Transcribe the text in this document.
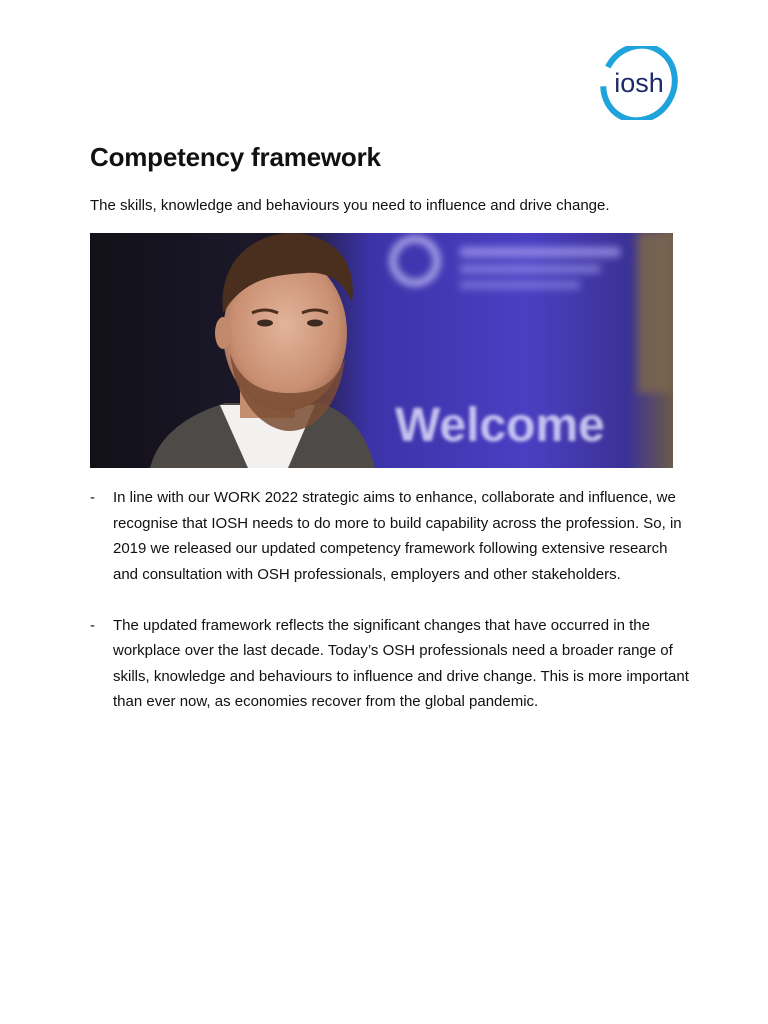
iosh
Competency framework

The skills, knowledge and behaviours you need to influence and drive change.

Welcome
- In line with our WORK 2022 strategic aims to enhance, collaborate and influence, we recognise that IOSH needs to do more to build capability across the profession. So, in 2019 we released our updated competency framework following extensive research and consultation with OSH professionals, employers and other stakeholders.
- The updated framework reflects the significant changes that have occurred in the workplace over the last decade. Today’s OSH professionals need a broader range of skills, knowledge and behaviours to influence and drive change. This is more important than ever now, as economies recover from the global pandemic.
